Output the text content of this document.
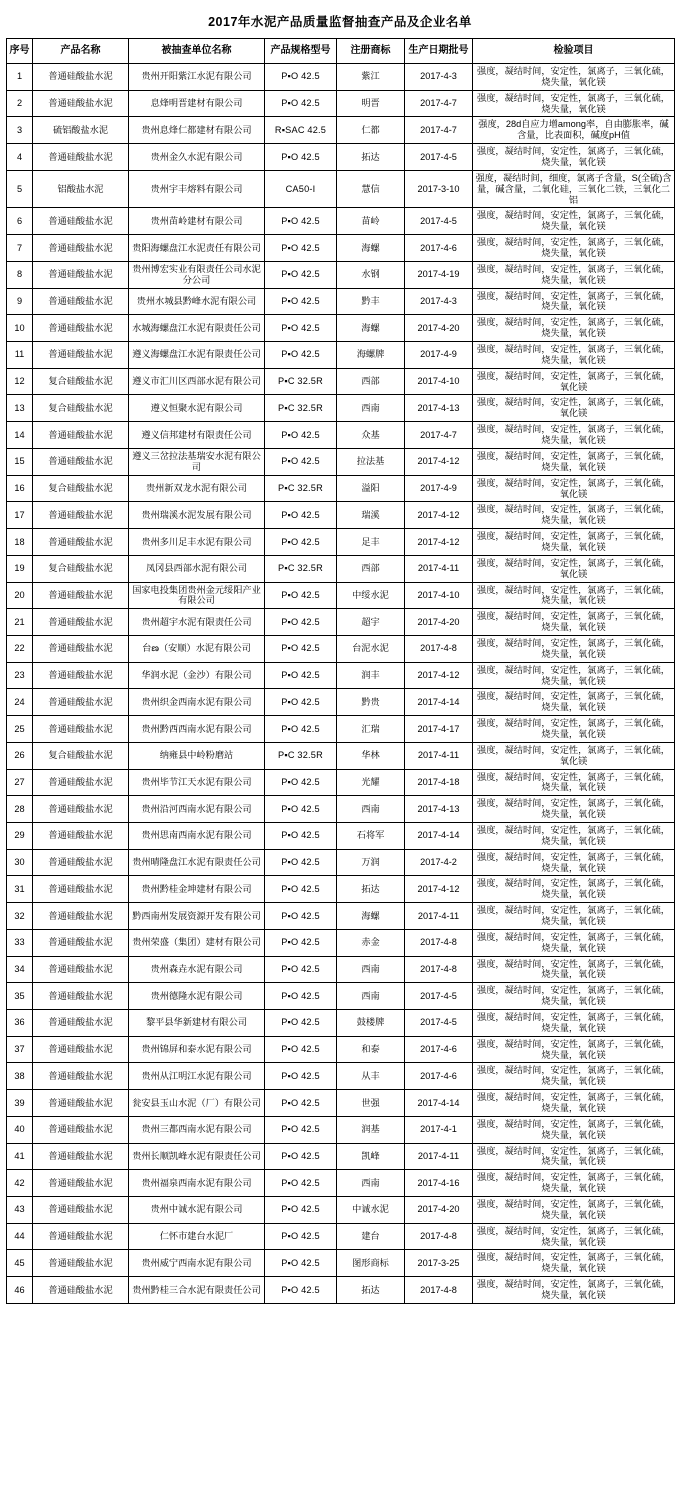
2017年水泥产品质量监督抽查产品及企业名单
序号	产品名称	被抽查单位名称	产品规格型号	注册商标	生产日期批号	检验项目
1	普通硅酸盐水泥	贵州开阳紫江水泥有限公司	P▪O 42.5	紫江	2017-4-3	强度，凝结时间，安定性，氯离子，三氧化硫，烧失量，氧化镁
2	普通硅酸盐水泥	息烽明晋建材有限公司	P▪O 42.5	明晋	2017-4-7	强度，凝结时间，安定性，氯离子，三氧化硫，烧失量，氧化镁
3	硫铝酸盐水泥	贵州息烽仁都建材有限公司	R▪SAC 42.5	仁都	2017-4-7	强度，28d自应力增among率，自由膨胀率，碱含量，比表面积，碱度pH值
4	普通硅酸盐水泥	贵州金久水泥有限公司	P▪O 42.5	拓达	2017-4-5	强度，凝结时间，安定性，氯离子，三氧化硫，烧失量，氧化镁
5	铝酸盐水泥	贵州宇丰熔料有限公司	CA50-I	慧信	2017-3-10	强度，凝结时间，细度，氯离子含量，S(全硫)含量，碱含量，二氧化硅，三氧化二铁，三氧化二铝
6	普通硅酸盐水泥	贵州苗岭建材有限公司	P▪O 42.5	苗岭	2017-4-5	强度，凝结时间，安定性，氯离子，三氧化硫，烧失量，氧化镁
7	普通硅酸盐水泥	贵阳海螺盘江水泥责任有限公司	P▪O 42.5	海螺	2017-4-6	强度，凝结时间，安定性，氯离子，三氧化硫，烧失量，氧化镁
8	普通硅酸盐水泥	贵州博宏实业有限责任公司水泥分公司	P▪O 42.5	水钢	2017-4-19	强度，凝结时间，安定性，氯离子，三氧化硫，烧失量，氧化镁
9	普通硅酸盐水泥	贵州水城县黔峰水泥有限公司	P▪O 42.5	黔丰	2017-4-3	强度，凝结时间，安定性，氯离子，三氧化硫，烧失量，氧化镁
10	普通硅酸盐水泥	水城海螺盘江水泥有限责任公司	P▪O 42.5	海螺	2017-4-20	强度，凝结时间，安定性，氯离子，三氧化硫，烧失量，氧化镁
11	普通硅酸盐水泥	遵义海螺盘江水泥有限责任公司	P▪O 42.5	海螺牌	2017-4-9	强度，凝结时间，安定性，氯离子，三氧化硫，烧失量，氧化镁
12	复合硅酸盐水泥	遵义市汇川区西部水泥有限公司	P▪C 32.5R	西部	2017-4-10	强度，凝结时间，安定性，氯离子，三氧化硫，氧化镁
13	复合硅酸盐水泥	遵义恒聚水泥有限公司	P▪C 32.5R	西南	2017-4-13	强度，凝结时间，安定性，氯离子，三氧化硫，氧化镁
14	普通硅酸盐水泥	遵义信邦建材有限责任公司	P▪O 42.5	众基	2017-4-7	强度，凝结时间，安定性，氯离子，三氧化硫，烧失量，氧化镁
15	普通硅酸盐水泥	遵义三岔拉法基瑞安水泥有限公司	P▪O 42.5	拉法基	2017-4-12	强度，凝结时间，安定性，氯离子，三氧化硫，烧失量，氧化镁
16	复合硅酸盐水泥	贵州新双龙水泥有限公司	P▪C 32.5R	溢阳	2017-4-9	强度，凝结时间，安定性，氯离子，三氧化硫，氧化镁
17	普通硅酸盐水泥	贵州瑞溪水泥发展有限公司	P▪O 42.5	瑞溪	2017-4-12	强度，凝结时间，安定性，氯离子，三氧化硫，烧失量，氧化镁
18	普通硅酸盐水泥	贵州多川足丰水泥有限公司	P▪O 42.5	足丰	2017-4-12	强度，凝结时间，安定性，氯离子，三氧化硫，烧失量，氧化镁
19	复合硅酸盐水泥	凤冈县西部水泥有限公司	P▪C 32.5R	西部	2017-4-11	强度，凝结时间，安定性，氯离子，三氧化硫，氧化镁
20	普通硅酸盐水泥	国家电投集团贵州金元绥阳产业有限公司	P▪O 42.5	中绥水泥	2017-4-10	强度，凝结时间，安定性，氯离子，三氧化硫，烧失量，氧化镁
21	普通硅酸盐水泥	贵州超宇水泥有限责任公司	P▪O 42.5	超宇	2017-4-20	强度，凝结时间，安定性，氯离子，三氧化硫，烧失量，氧化镁
22	普通硅酸盐水泥	台ణ（安顺）水泥有限公司	P▪O 42.5	台泥水泥	2017-4-8	强度，凝结时间，安定性，氯离子，三氧化硫，烧失量，氧化镁
23	普通硅酸盐水泥	华润水泥（金沙）有限公司	P▪O 42.5	润丰	2017-4-12	强度，凝结时间，安定性，氯离子，三氧化硫，烧失量，氧化镁
24	普通硅酸盐水泥	贵州织金西南水泥有限公司	P▪O 42.5	黔贵	2017-4-14	强度，凝结时间，安定性，氯离子，三氧化硫，烧失量，氧化镁
25	普通硅酸盐水泥	贵州黔西西南水泥有限公司	P▪O 42.5	汇瑞	2017-4-17	强度，凝结时间，安定性，氯离子，三氧化硫，烧失量，氧化镁
26	复合硅酸盐水泥	纳雍县中岭粉磨站	P▪C 32.5R	华林	2017-4-11	强度，凝结时间，安定性，氯离子，三氧化硫，氧化镁
27	普通硅酸盐水泥	贵州毕节江天水泥有限公司	P▪O 42.5	光耀	2017-4-18	强度，凝结时间，安定性，氯离子，三氧化硫，烧失量，氧化镁
28	普通硅酸盐水泥	贵州沿河西南水泥有限公司	P▪O 42.5	西南	2017-4-13	强度，凝结时间，安定性，氯离子，三氧化硫，烧失量，氧化镁
29	普通硅酸盐水泥	贵州思南西南水泥有限公司	P▪O 42.5	石将军	2017-4-14	强度，凝结时间，安定性，氯离子，三氧化硫，烧失量，氧化镁
30	普通硅酸盐水泥	贵州晴隆盘江水泥有限责任公司	P▪O 42.5	万润	2017-4-2	强度，凝结时间，安定性，氯离子，三氧化硫，烧失量，氧化镁
31	普通硅酸盐水泥	贵州黔桂金坤建材有限公司	P▪O 42.5	拓达	2017-4-12	强度，凝结时间，安定性，氯离子，三氧化硫，烧失量，氧化镁
32	普通硅酸盐水泥	黔西南州发展资源开发有限公司	P▪O 42.5	海螺	2017-4-11	强度，凝结时间，安定性，氯离子，三氧化硫，烧失量，氧化镁
33	普通硅酸盐水泥	贵州荣盛（集团）建材有限公司	P▪O 42.5	赤金	2017-4-8	强度，凝结时间，安定性，氯离子，三氧化硫，烧失量，氧化镁
34	普通硅酸盐水泥	贵州森垚水泥有限公司	P▪O 42.5	西南	2017-4-8	强度，凝结时间，安定性，氯离子，三氧化硫，烧失量，氧化镁
35	普通硅酸盐水泥	贵州德隆水泥有限公司	P▪O 42.5	西南	2017-4-5	强度，凝结时间，安定性，氯离子，三氧化硫，烧失量，氧化镁
36	普通硅酸盐水泥	黎平县华新建材有限公司	P▪O 42.5	鼓楼牌	2017-4-5	强度，凝结时间，安定性，氯离子，三氧化硫，烧失量，氧化镁
37	普通硅酸盐水泥	贵州锦屏和泰水泥有限公司	P▪O 42.5	和泰	2017-4-6	强度，凝结时间，安定性，氯离子，三氧化硫，烧失量，氧化镁
38	普通硅酸盐水泥	贵州从江明江水泥有限公司	P▪O 42.5	从丰	2017-4-6	强度，凝结时间，安定性，氯离子，三氧化硫，烧失量，氧化镁
39	普通硅酸盐水泥	瓮安县玉山水泥（厂）有限公司	P▪O 42.5	世强	2017-4-14	强度，凝结时间，安定性，氯离子，三氧化硫，烧失量，氧化镁
40	普通硅酸盐水泥	贵州三都西南水泥有限公司	P▪O 42.5	润基	2017-4-1	强度，凝结时间，安定性，氯离子，三氧化硫，烧失量，氧化镁
41	普通硅酸盐水泥	贵州长顺凯峰水泥有限责任公司	P▪O 42.5	凯峰	2017-4-11	强度，凝结时间，安定性，氯离子，三氧化硫，烧失量，氧化镁
42	普通硅酸盐水泥	贵州福泉西南水泥有限公司	P▪O 42.5	西南	2017-4-16	强度，凝结时间，安定性，氯离子，三氧化硫，烧失量，氧化镁
43	普通硅酸盐水泥	贵州中诚水泥有限公司	P▪O 42.5	中诚水泥	2017-4-20	强度，凝结时间，安定性，氯离子，三氧化硫，烧失量，氧化镁
44	普通硅酸盐水泥	仁怀市建台水泥厂	P▪O 42.5	建台	2017-4-8	强度，凝结时间，安定性，氯离子，三氧化硫，烧失量，氧化镁
45	普通硅酸盐水泥	贵州威宁西南水泥有限公司	P▪O 42.5	图形商标	2017-3-25	强度，凝结时间，安定性，氯离子，三氧化硫，烧失量，氧化镁
46	普通硅酸盐水泥	贵州黔桂三合水泥有限责任公司	P▪O 42.5	拓达	2017-4-8	强度，凝结时间，安定性，氯离子，三氧化硫，烧失量，氧化镁
